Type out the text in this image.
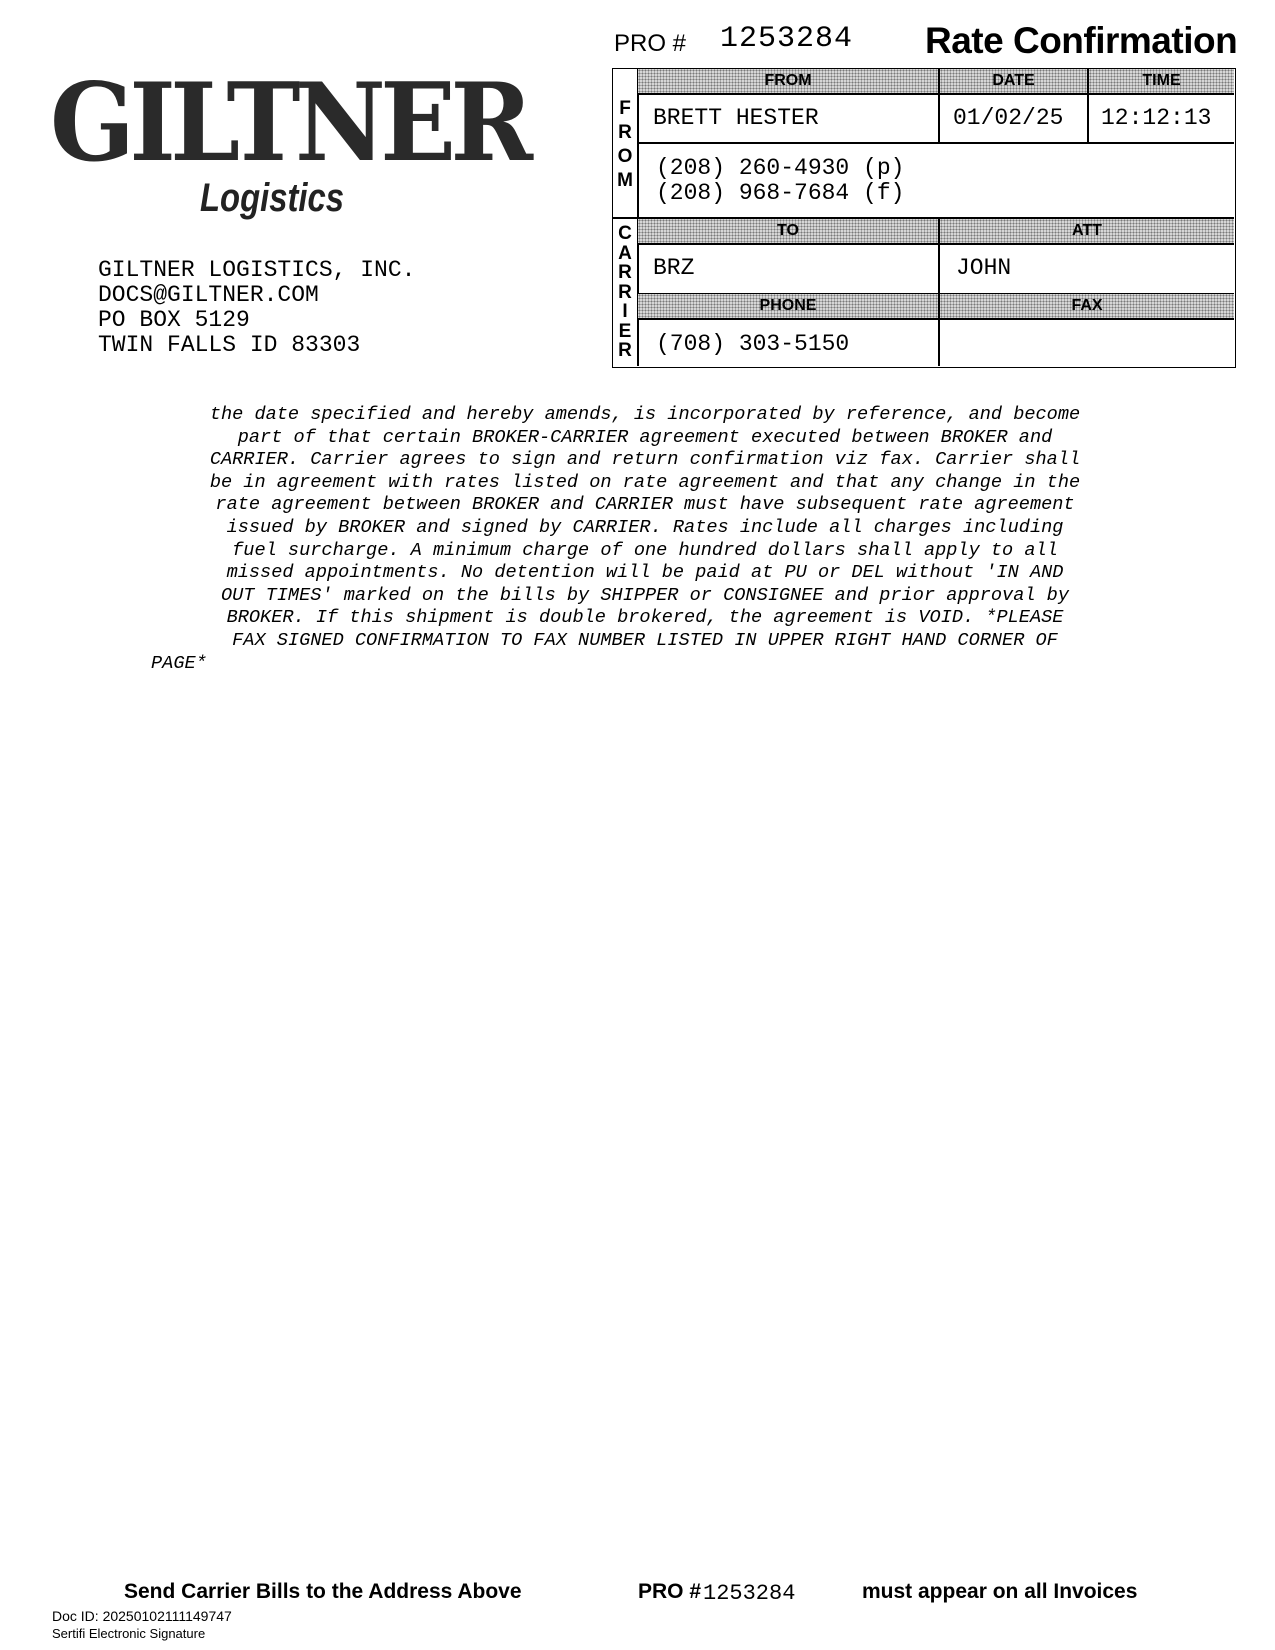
GILTNER
Logistics
GILTNER LOGISTICS, INC.
DOCS@GILTNER.COM
PO BOX 5129
TWIN FALLS ID 83303
PRO # 1253284 Rate Confirmation
F
R
O
M
FROM	DATE	TIME
BRETT HESTER	01/02/25 12:12:13
(208) 260-4930 (p)
(208) 968-7684 (f)
C
A
R
R
I
E
R
TO	ATT
BRZ	JOHN
PHONE	FAX
(708) 303-5150
the date specified and hereby amends, is incorporated by reference, and become
part of that certain BROKER-CARRIER agreement executed between BROKER and
CARRIER. Carrier agrees to sign and return confirmation viz fax. Carrier shall
be in agreement with rates listed on rate agreement and that any change in the
rate agreement between BROKER and CARRIER must have subsequent rate agreement
issued by BROKER and signed by CARRIER. Rates include all charges including
fuel surcharge. A minimum charge of one hundred dollars shall apply to all
missed appointments. No detention will be paid at PU or DEL without 'IN AND
OUT TIMES' marked on the bills by SHIPPER or CONSIGNEE and prior approval by
BROKER. If this shipment is double brokered, the agreement is VOID. *PLEASE
FAX SIGNED CONFIRMATION TO FAX NUMBER LISTED IN UPPER RIGHT HAND CORNER OF
PAGE*
Send Carrier Bills to the Address Above	PRO # 1253284	must appear on all Invoices
Doc ID: 20250102111149747
Sertifi Electronic Signature
